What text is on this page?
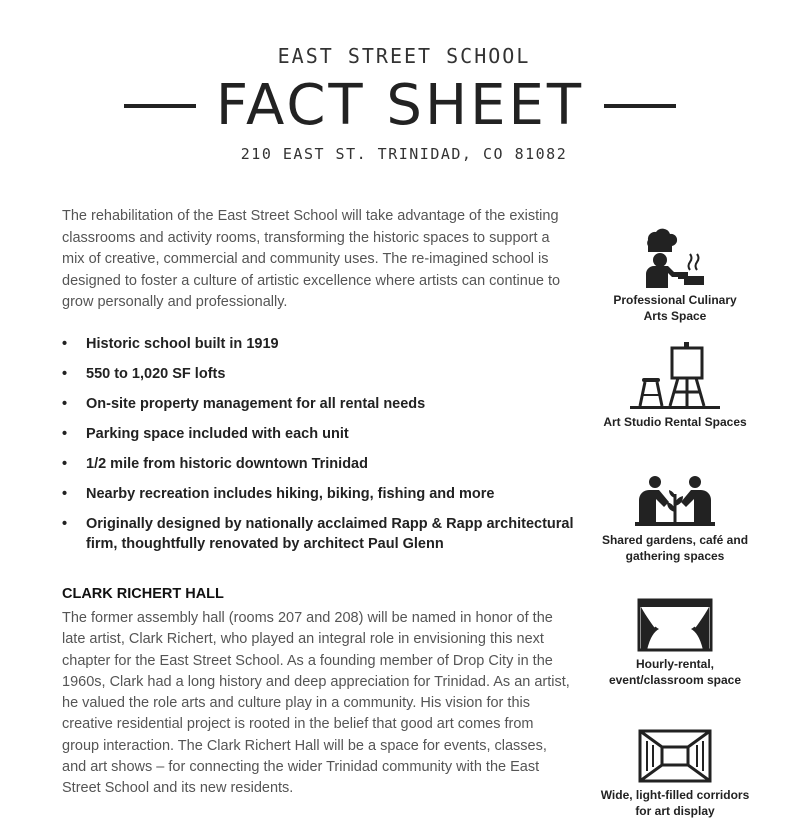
EAST STREET SCHOOL
FACT SHEET
210 EAST ST. TRINIDAD, CO 81082

The rehabilitation of the East Street School will take advantage of the existing classrooms and activity rooms, transforming the historic spaces to support a mix of creative, commercial and community uses. The re-imagined school is designed to foster a culture of artistic excellence where artists can continue to grow personally and professionally.

• Historic school built in 1919
• 550 to 1,020 SF lofts
• On-site property management for all rental needs
• Parking space included with each unit
• 1/2 mile from historic downtown Trinidad
• Nearby recreation includes hiking, biking, fishing and more
• Originally designed by nationally acclaimed Rapp & Rapp architectural firm, thoughtfully renovated by architect Paul Glenn
CLARK RICHERT HALL

The former assembly hall (rooms 207 and 208) will be named in honor of the late artist, Clark Richert, who played an integral role in envisioning this next chapter for the East Street School. As a founding member of Drop City in the 1960s, Clark had a long history and deep appreciation for Trinidad. As an artist, he valued the role arts and culture play in a community. His vision for this creative residential project is rooted in the belief that good art comes from group interaction. The Clark Richert Hall will be a space for events, classes, and art shows – for connecting the wider Trinidad community with the East Street School and its new residents.

Professional Culinary Arts Space
Art Studio Rental Spaces
Shared gardens, café and gathering spaces
Hourly-rental, event/classroom space
Wide, light-filled corridors for art display
